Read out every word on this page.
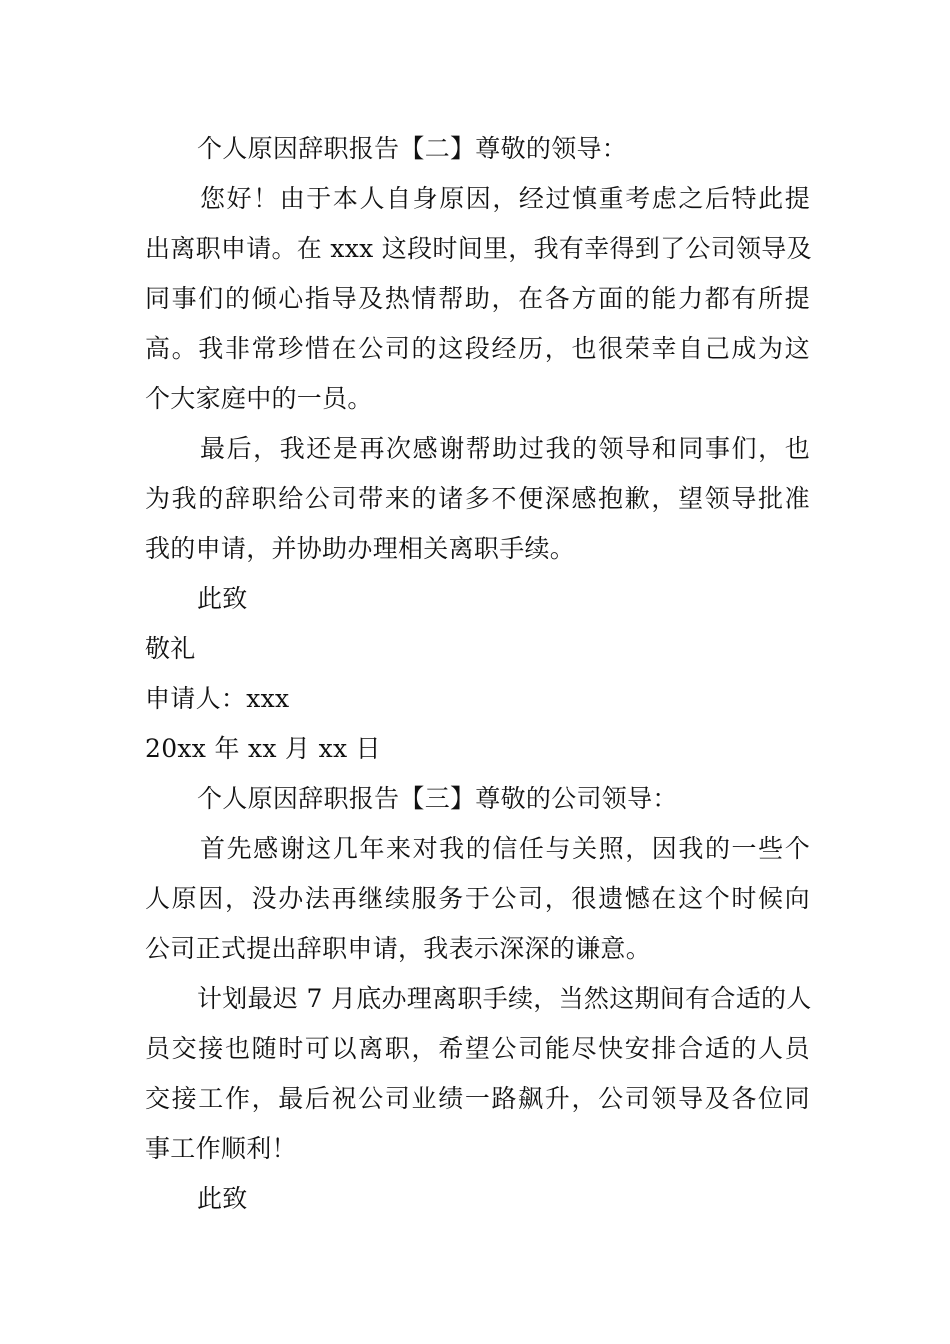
个人原因辞职报告【二】尊敬的领导：
您好！由于本人自身原因，经过慎重考虑之后特此提
出离职申请。在 xxx 这段时间里，我有幸得到了公司领导及
同事们的倾心指导及热情帮助，在各方面的能力都有所提
高。我非常珍惜在公司的这段经历，也很荣幸自己成为这
个大家庭中的一员。
最后，我还是再次感谢帮助过我的领导和同事们，也
为我的辞职给公司带来的诸多不便深感抱歉，望领导批准
我的申请，并协助办理相关离职手续。
此致
敬礼
申请人：xxx
20xx 年 xx 月 xx 日
个人原因辞职报告【三】尊敬的公司领导：
首先感谢这几年来对我的信任与关照，因我的一些个
人原因，没办法再继续服务于公司，很遗憾在这个时候向
公司正式提出辞职申请，我表示深深的谦意。
计划最迟 7 月底办理离职手续，当然这期间有合适的人
员交接也随时可以离职，希望公司能尽快安排合适的人员
交接工作，最后祝公司业绩一路飙升，公司领导及各位同
事工作顺利！
此致
